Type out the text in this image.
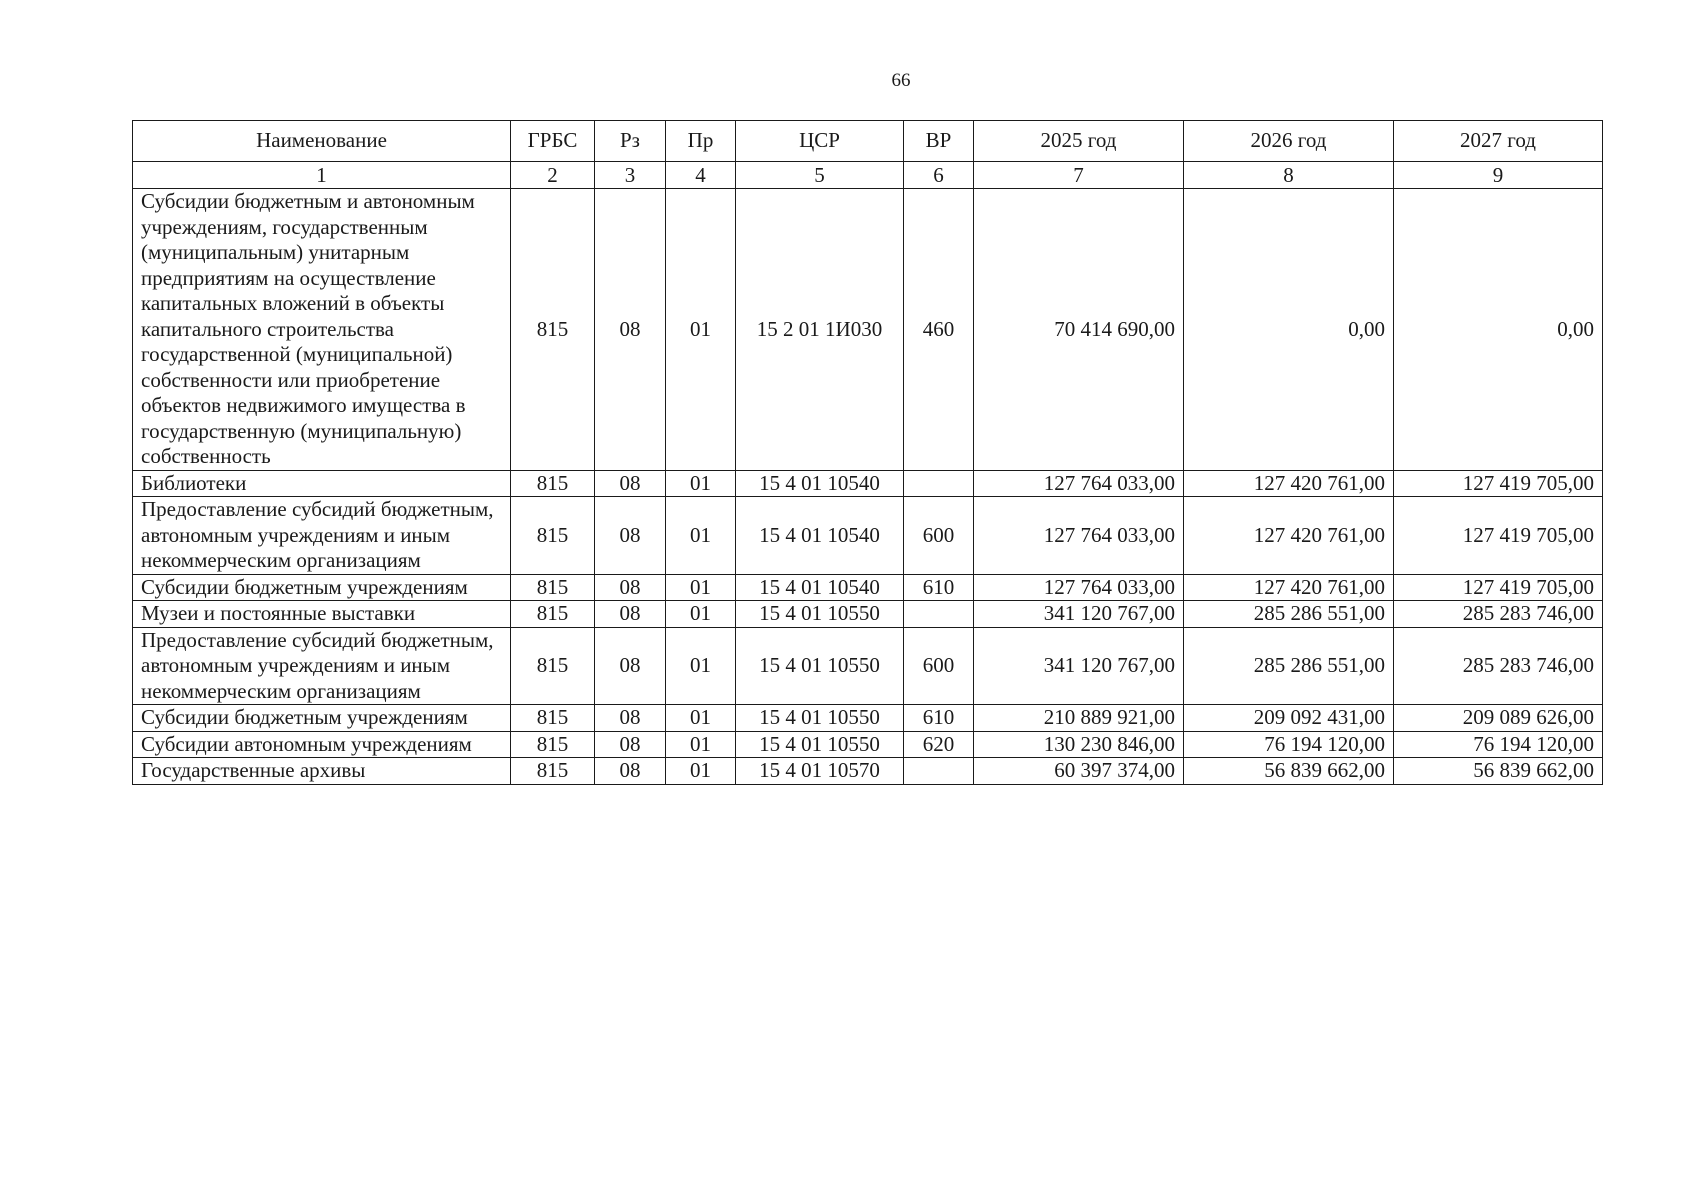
66
Наименование	ГРБС	Рз	Пр	ЦСР	ВР	2025 год	2026 год	2027 год
1	2	3	4	5	6	7	8	9
Субсидии бюджетным и автономным учреждениям, государственным (муниципальным) унитарным предприятиям на осуществление капитальных вложений в объекты капитального строительства государственной (муниципальной) собственности или приобретение объектов недвижимого имущества в государственную (муниципальную) собственность	815	08	01	15 2 01 1И030	460	70 414 690,00	0,00	0,00
Библиотеки	815	08	01	15 4 01 10540		127 764 033,00	127 420 761,00	127 419 705,00
Предоставление субсидий бюджетным, автономным учреждениям и иным некоммерческим организациям	815	08	01	15 4 01 10540	600	127 764 033,00	127 420 761,00	127 419 705,00
Субсидии бюджетным учреждениям	815	08	01	15 4 01 10540	610	127 764 033,00	127 420 761,00	127 419 705,00
Музеи и постоянные выставки	815	08	01	15 4 01 10550		341 120 767,00	285 286 551,00	285 283 746,00
Предоставление субсидий бюджетным, автономным учреждениям и иным некоммерческим организациям	815	08	01	15 4 01 10550	600	341 120 767,00	285 286 551,00	285 283 746,00
Субсидии бюджетным учреждениям	815	08	01	15 4 01 10550	610	210 889 921,00	209 092 431,00	209 089 626,00
Субсидии автономным учреждениям	815	08	01	15 4 01 10550	620	130 230 846,00	76 194 120,00	76 194 120,00
Государственные архивы	815	08	01	15 4 01 10570		60 397 374,00	56 839 662,00	56 839 662,00
